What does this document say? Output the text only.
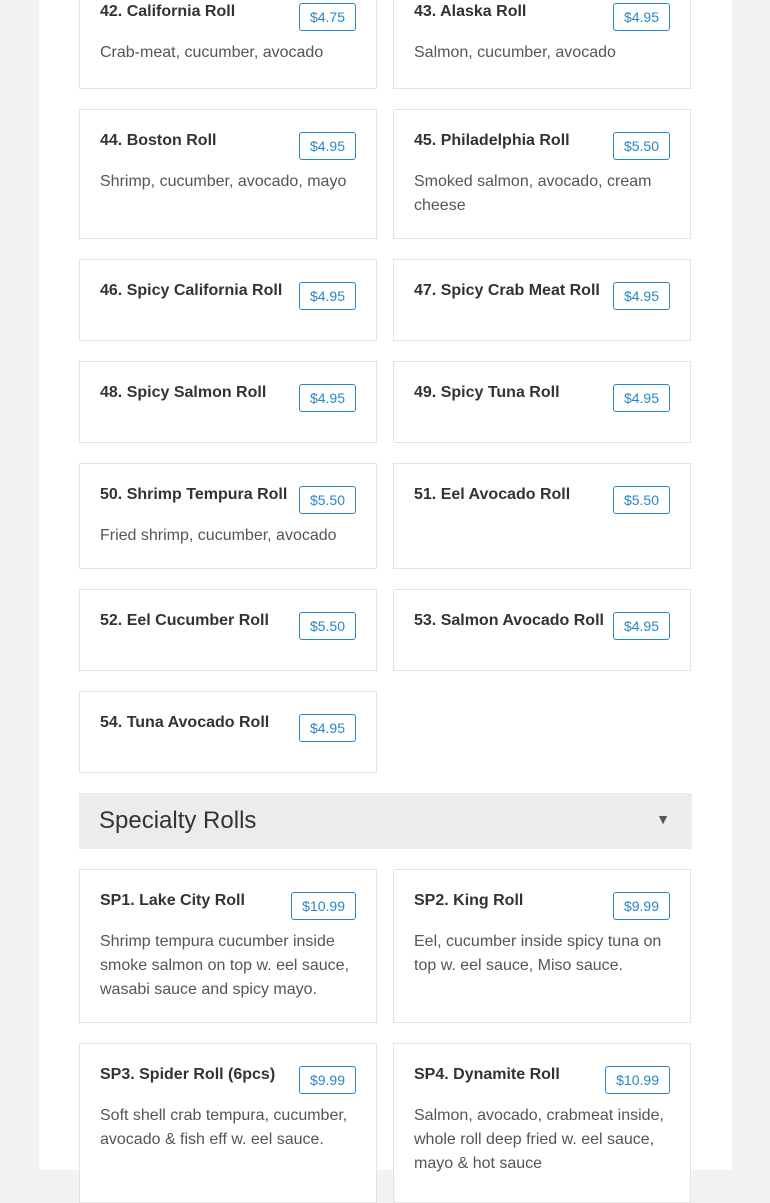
42. California Roll	$4.75
Crab-meat, cucumber, avocado
43. Alaska Roll	$4.95
Salmon, cucumber, avocado
44. Boston Roll	$4.95
Shrimp, cucumber, avocado, mayo
45. Philadelphia Roll	$5.50
Smoked salmon, avocado, cream cheese
46. Spicy California Roll	$4.95	47. Spicy Crab Meat Roll	$4.95
48. Spicy Salmon Roll	$4.95	49. Spicy Tuna Roll	$4.95
50. Shrimp Tempura Roll	$5.50
Fried shrimp, cucumber, avocado
51. Eel Avocado Roll	$5.50
52. Eel Cucumber Roll	$5.50	53. Salmon Avocado Roll	$4.95
54. Tuna Avocado Roll	$4.95
Specialty Rolls	▼
SP1. Lake City Roll	$10.99
Shrimp tempura cucumber inside smoke salmon on top w. eel sauce, wasabi sauce and spicy mayo.
SP2. King Roll	$9.99
Eel, cucumber inside spicy tuna on top w. eel sauce, Miso sauce.
SP3. Spider Roll (6pcs)	$9.99
Soft shell crab tempura, cucumber, avocado & fish eff w. eel sauce.
SP4. Dynamite Roll	$10.99
Salmon, avocado, crabmeat inside, whole roll deep fried w. eel sauce, mayo & hot sauce
